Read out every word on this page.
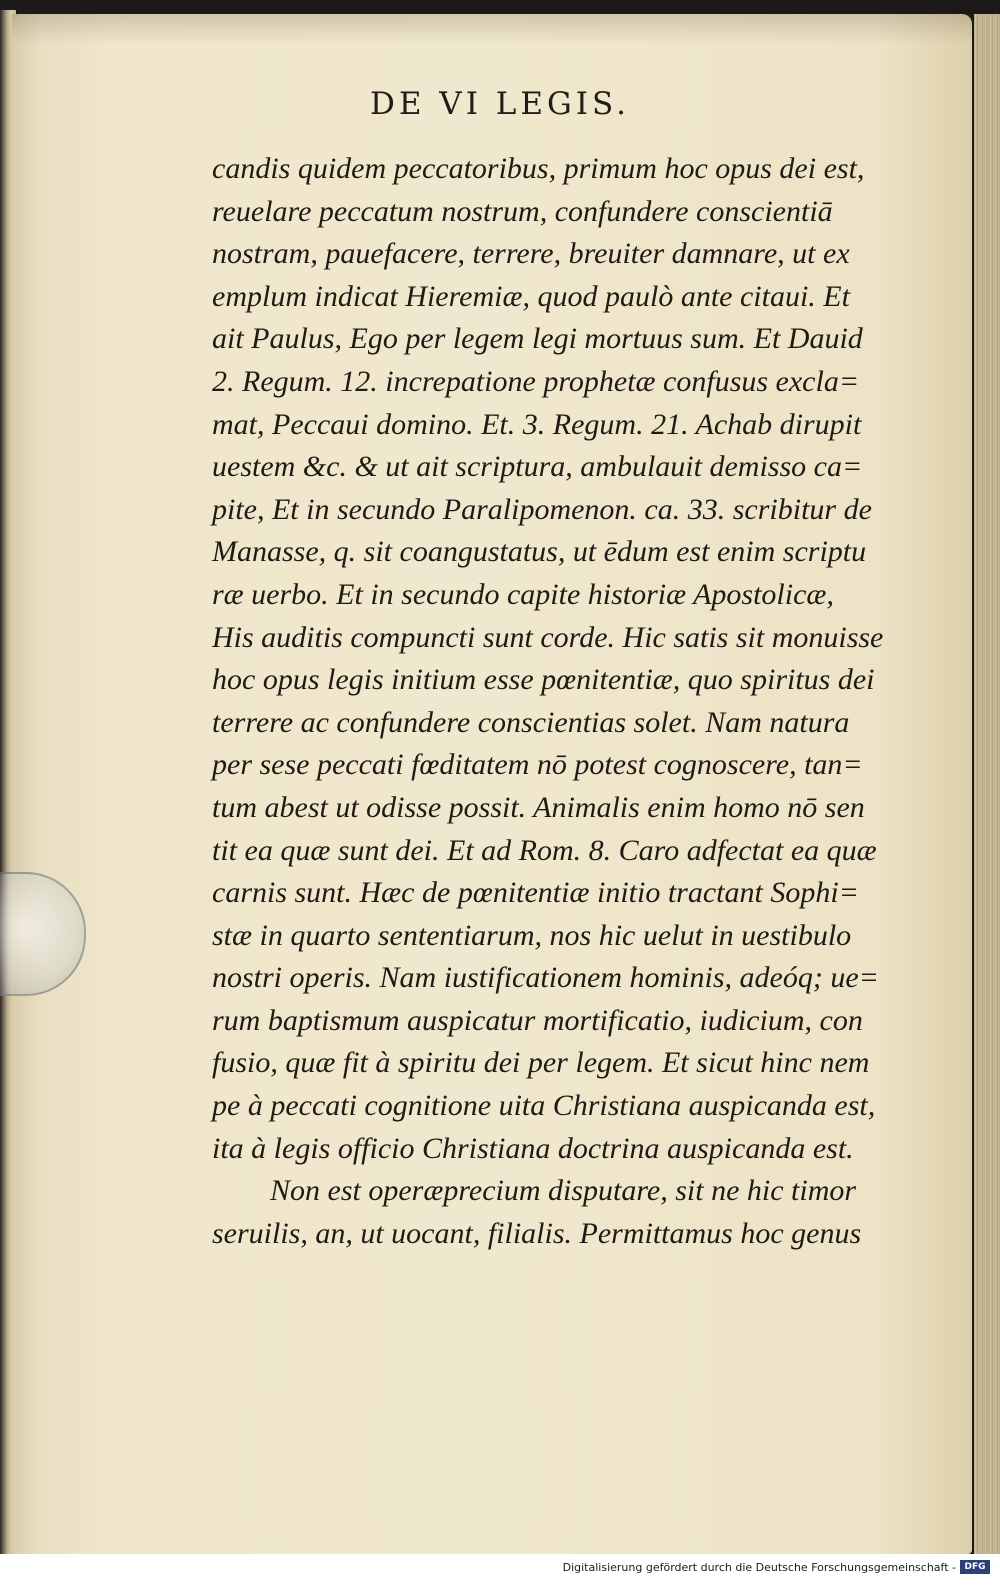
DE VI LEGIS.
candis quidem peccatoribus, primum hoc opus dei est,
reuelare peccatum nostrum, confundere conscientiā
nostram, pauefacere, terrere, breuiter damnare, ut ex
emplum indicat Hieremiæ, quod paulò ante citaui. Et
ait Paulus, Ego per legem legi mortuus sum. Et Dauid
2. Regum. 12. increpatione prophetæ confusus excla=
mat, Peccaui domino. Et. 3. Regum. 21. Achab dirupit
uestem &c. & ut ait scriptura, ambulauit demisso ca=
pite, Et in secundo Paralipomenon. ca. 33. scribitur de
Manasse, q. sit coangustatus, ut ēdum est enim scriptu
ræ uerbo. Et in secundo capite historiæ Apostolicæ,
His auditis compuncti sunt corde. Hic satis sit monuisse
hoc opus legis initium esse pœnitentiæ, quo spiritus dei
terrere ac confundere conscientias solet. Nam natura
per sese peccati fœditatem nō potest cognoscere, tan=
tum abest ut odisse possit. Animalis enim homo nō sen
tit ea quæ sunt dei. Et ad Rom. 8. Caro adfectat ea quæ
carnis sunt. Hæc de pœnitentiæ initio tractant Sophi=
stæ in quarto sententiarum, nos hic uelut in uestibulo
nostri operis. Nam iustificationem hominis, adeóq; ue=
rum baptismum auspicatur mortificatio, iudicium, con
fusio, quæ fit à spiritu dei per legem. Et sicut hinc nem
pe à peccati cognitione uita Christiana auspicanda est,
ita à legis officio Christiana doctrina auspicanda est.
Non est operæprecium disputare, sit ne hic timor
seruilis, an, ut uocant, filialis. Permittamus hoc genus
Digitalisierung gefördert durch die Deutsche Forschungsgemeinschaft - DFG
